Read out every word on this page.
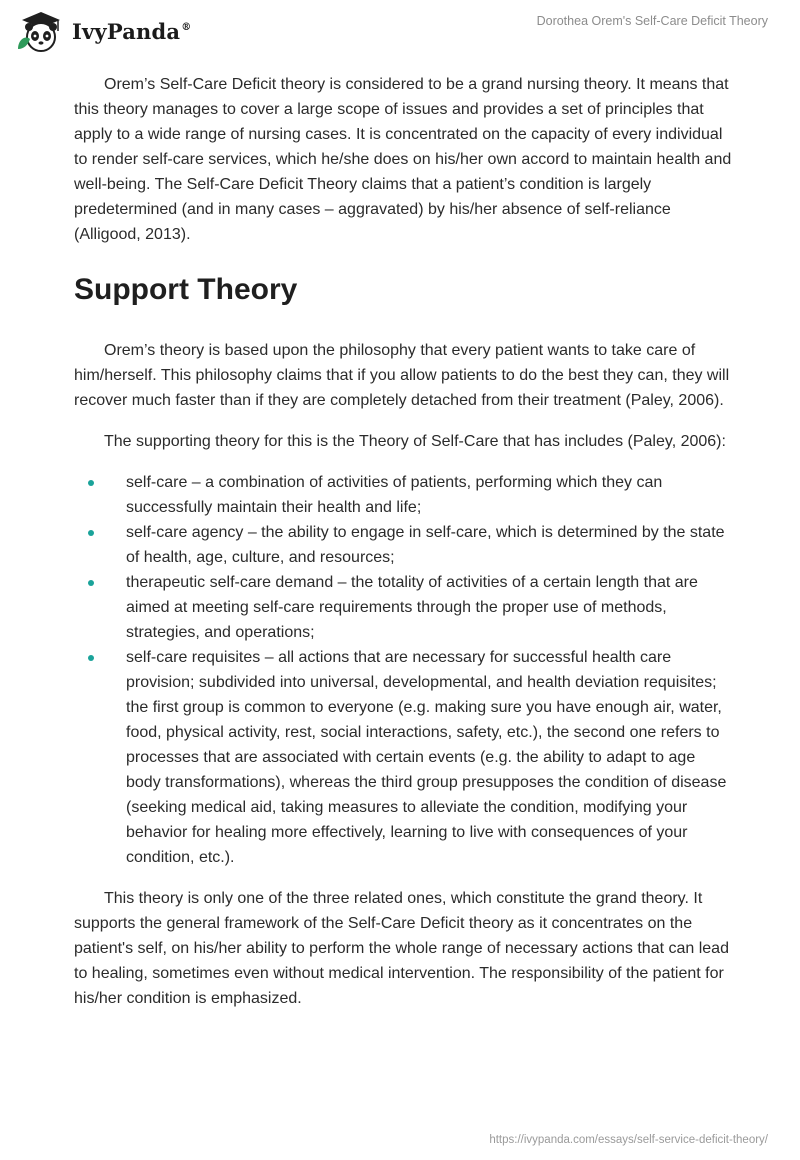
IvyPanda®	Dorothea Orem's Self-Care Deficit Theory

Orem’s Self-Care Deficit theory is considered to be a grand nursing theory. It means that this theory manages to cover a large scope of issues and provides a set of principles that apply to a wide range of nursing cases. It is concentrated on the capacity of every individual to render self-care services, which he/she does on his/her own accord to maintain health and well-being. The Self-Care Deficit Theory claims that a patient’s condition is largely predetermined (and in many cases – aggravated) by his/her absence of self-reliance (Alligood, 2013).

Support Theory

Orem’s theory is based upon the philosophy that every patient wants to take care of him/herself. This philosophy claims that if you allow patients to do the best they can, they will recover much faster than if they are completely detached from their treatment (Paley, 2006).

The supporting theory for this is the Theory of Self-Care that has includes (Paley, 2006):

self-care – a combination of activities of patients, performing which they can successfully maintain their health and life;
self-care agency – the ability to engage in self-care, which is determined by the state of health, age, culture, and resources;
therapeutic self-care demand – the totality of activities of a certain length that are aimed at meeting self-care requirements through the proper use of methods, strategies, and operations;
self-care requisites – all actions that are necessary for successful health care provision; subdivided into universal, developmental, and health deviation requisites; the first group is common to everyone (e.g. making sure you have enough air, water, food, physical activity, rest, social interactions, safety, etc.), the second one refers to processes that are associated with certain events (e.g. the ability to adapt to age body transformations), whereas the third group presupposes the condition of disease (seeking medical aid, taking measures to alleviate the condition, modifying your behavior for healing more effectively, learning to live with consequences of your condition, etc.).

This theory is only one of the three related ones, which constitute the grand theory. It supports the general framework of the Self-Care Deficit theory as it concentrates on the patient's self, on his/her ability to perform the whole range of necessary actions that can lead to healing, sometimes even without medical intervention. The responsibility of the patient for his/her condition is emphasized.

https://ivypanda.com/essays/self-service-deficit-theory/
